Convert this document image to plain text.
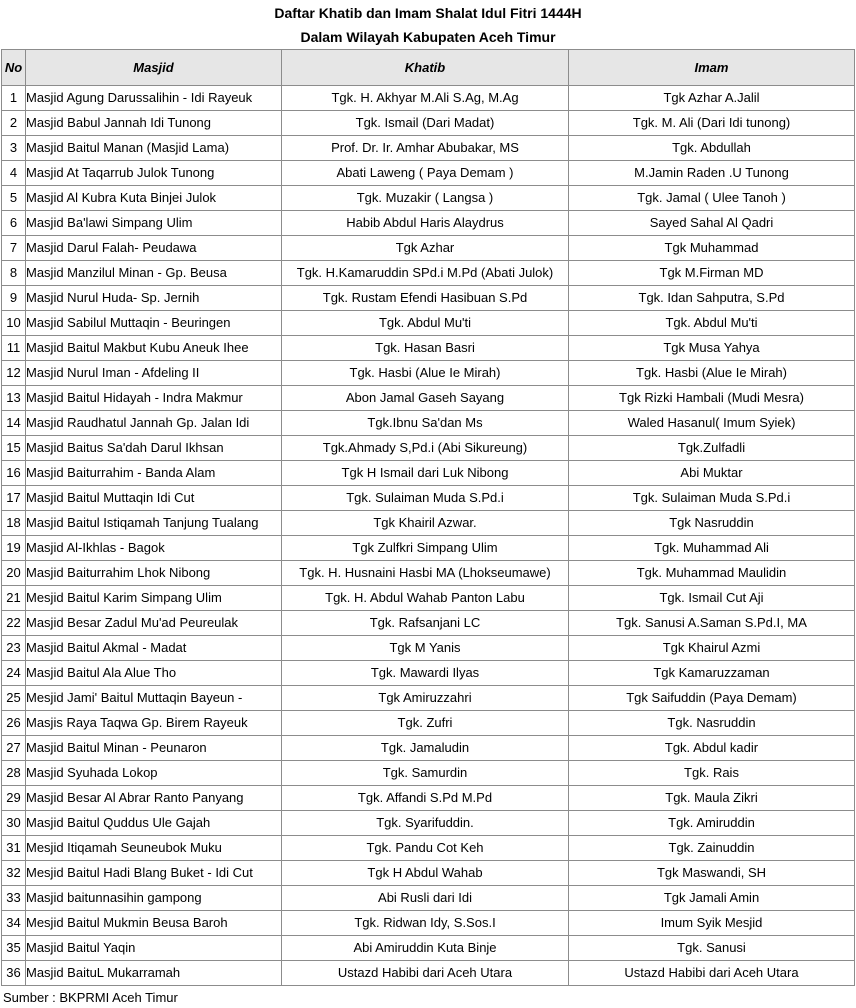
Daftar Khatib dan Imam Shalat Idul Fitri 1444H
Dalam Wilayah Kabupaten Aceh Timur
No	Masjid	Khatib	Imam
1	Masjid Agung Darussalihin - Idi Rayeuk	Tgk. H. Akhyar M.Ali S.Ag, M.Ag	Tgk Azhar A.Jalil
2	Masjid Babul Jannah Idi Tunong	Tgk. Ismail (Dari Madat)	Tgk. M. Ali (Dari Idi tunong)
3	Masjid Baitul Manan (Masjid Lama)	Prof. Dr. Ir. Amhar Abubakar, MS	Tgk. Abdullah
4	Masjid At Taqarrub Julok Tunong	Abati Laweng ( Paya Demam )	M.Jamin Raden .U Tunong
5	Masjid Al Kubra Kuta Binjei Julok	Tgk. Muzakir ( Langsa )	Tgk. Jamal ( Ulee Tanoh )
6	Masjid Ba'lawi Simpang Ulim	Habib Abdul Haris Alaydrus	Sayed Sahal Al Qadri
7	Masjid Darul Falah- Peudawa	Tgk Azhar	Tgk Muhammad
8	Masjid Manzilul Minan - Gp. Beusa	Tgk. H.Kamaruddin SPd.i M.Pd (Abati Julok)	Tgk M.Firman MD
9	Masjid Nurul Huda- Sp. Jernih	Tgk. Rustam Efendi Hasibuan S.Pd	Tgk. Idan Sahputra, S.Pd
10	Masjid Sabilul Muttaqin - Beuringen	Tgk. Abdul Mu'ti	Tgk. Abdul Mu'ti
11	Masjid Baitul Makbut Kubu Aneuk Ihee	Tgk. Hasan Basri	Tgk Musa Yahya
12	Masjid Nurul Iman - Afdeling II	Tgk. Hasbi (Alue Ie Mirah)	Tgk. Hasbi (Alue Ie Mirah)
13	Masjid Baitul Hidayah - Indra Makmur	Abon Jamal Gaseh Sayang	Tgk Rizki Hambali (Mudi Mesra)
14	Masjid Raudhatul Jannah Gp. Jalan Idi	Tgk.Ibnu Sa'dan Ms	Waled Hasanul( Imum Syiek)
15	Masjid Baitus Sa'dah Darul Ikhsan	Tgk.Ahmady S,Pd.i (Abi Sikureung)	Tgk.Zulfadli
16	Masjid Baiturrahim - Banda Alam	Tgk H Ismail dari Luk Nibong	Abi Muktar
17	Masjid Baitul Muttaqin Idi Cut	Tgk. Sulaiman Muda S.Pd.i	Tgk. Sulaiman Muda S.Pd.i
18	Masjid Baitul Istiqamah Tanjung Tualang	Tgk Khairil Azwar.	Tgk Nasruddin
19	Masjid Al-Ikhlas - Bagok	Tgk Zulfkri Simpang Ulim	Tgk. Muhammad Ali
20	Masjid Baiturrahim Lhok Nibong	Tgk. H. Husnaini Hasbi MA (Lhokseumawe)	Tgk. Muhammad Maulidin
21	Mesjid Baitul Karim Simpang Ulim	Tgk. H. Abdul Wahab Panton Labu	Tgk. Ismail Cut Aji
22	Masjid Besar Zadul Mu'ad Peureulak	Tgk. Rafsanjani LC	Tgk. Sanusi A.Saman S.Pd.I, MA
23	Masjid Baitul Akmal - Madat	Tgk M Yanis	Tgk Khairul Azmi
24	Masjid Baitul Ala Alue Tho	Tgk. Mawardi Ilyas	Tgk Kamaruzzaman
25	Mesjid Jami' Baitul Muttaqin Bayeun -	Tgk Amiruzzahri	Tgk Saifuddin (Paya Demam)
26	Masjis Raya Taqwa Gp. Birem Rayeuk	Tgk. Zufri	Tgk. Nasruddin
27	Masjid Baitul Minan - Peunaron	Tgk. Jamaludin	Tgk. Abdul kadir
28	Masjid Syuhada Lokop	Tgk. Samurdin	Tgk. Rais
29	Masjid Besar Al Abrar Ranto Panyang	Tgk. Affandi S.Pd M.Pd	Tgk. Maula Zikri
30	Masjid Baitul Quddus Ule Gajah	Tgk. Syarifuddin.	Tgk. Amiruddin
31	Mesjid Itiqamah Seuneubok Muku	Tgk. Pandu Cot Keh	Tgk. Zainuddin
32	Mesjid Baitul Hadi Blang Buket - Idi Cut	Tgk H Abdul Wahab	Tgk Maswandi, SH
33	Masjid baitunnasihin gampong	Abi Rusli dari Idi	Tgk Jamali Amin
34	Mesjid Baitul Mukmin Beusa Baroh	Tgk. Ridwan Idy, S.Sos.I	Imum Syik Mesjid
35	Masjid Baitul Yaqin	Abi Amiruddin Kuta Binje	Tgk. Sanusi
36	Masjid BaituL Mukarramah	Ustazd Habibi dari Aceh Utara	Ustazd Habibi dari Aceh Utara
Sumber : BKPRMI Aceh Timur
